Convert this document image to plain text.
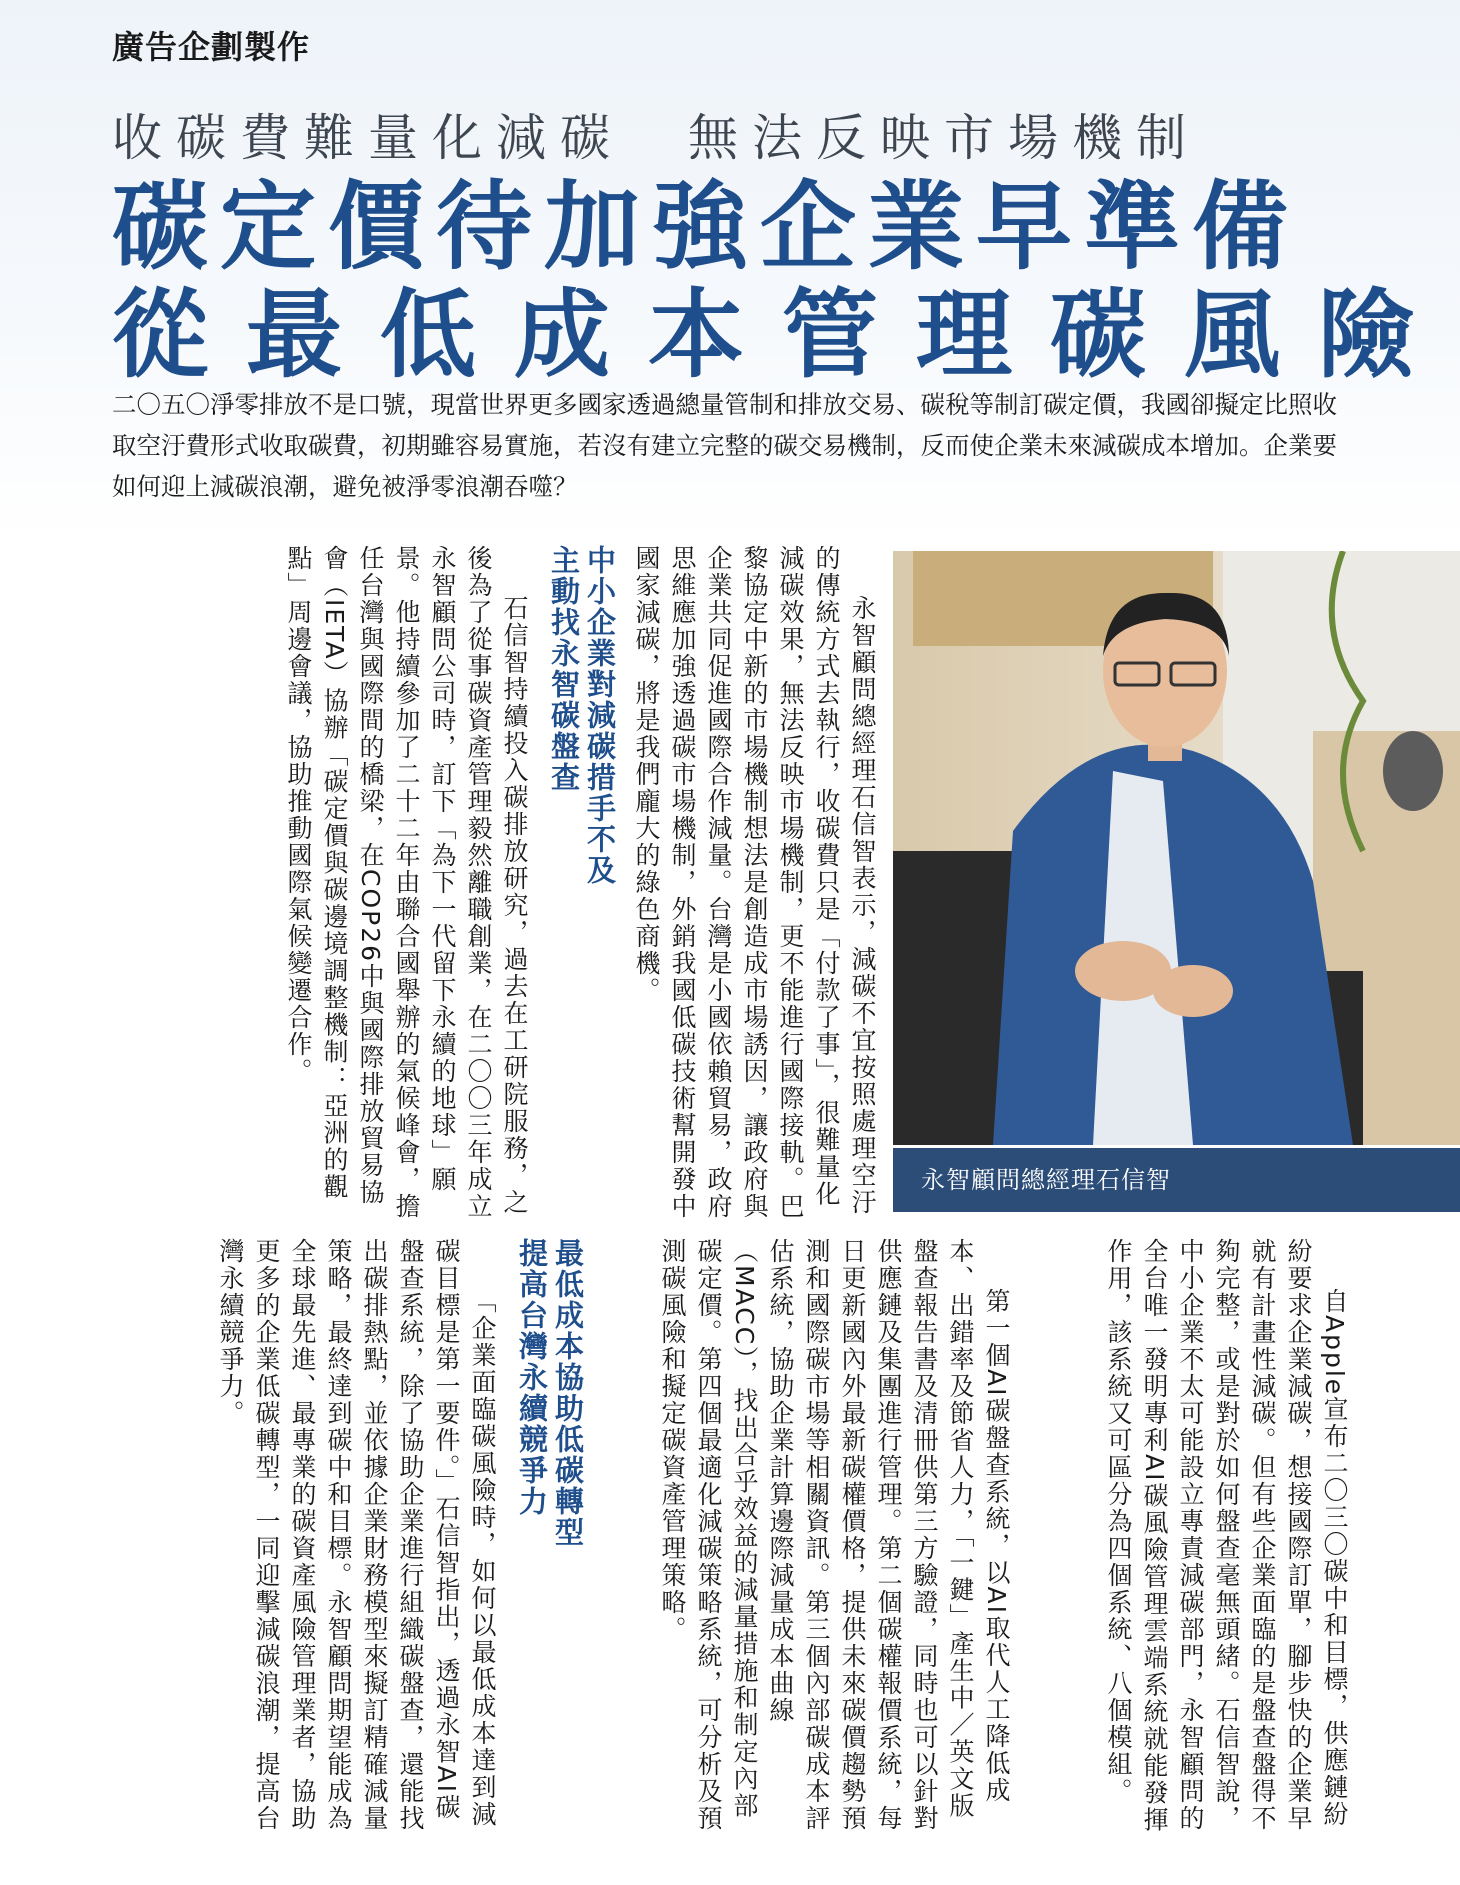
廣告企劃製作
收碳費難量化減碳　無法反映市場機制
碳定價待加強企業早準備
從最低成本管理碳風險
二〇五〇淨零排放不是口號，現當世界更多國家透過總量管制和排放交易、碳稅等制訂碳定價，我國卻擬定比照收取空汙費形式收取碳費，初期雖容易實施，若沒有建立完整的碳交易機制，反而使企業未來減碳成本增加。企業要如何迎上減碳浪潮，避免被淨零浪潮吞噬？

永智顧問總經理石信智表示，減碳不宜按照處理空汙的傳統方式去執行，收碳費只是「付款了事」，很難量化減碳效果，無法反映市場機制，更不能進行國際接軌。巴黎協定中新的市場機制想法是創造成市場誘因，讓政府與企業共同促進國際合作減量。台灣是小國依賴貿易，政府思維應加強透過碳市場機制，外銷我國低碳技術幫開發中國家減碳，將是我們龐大的綠色商機。

中小企業對減碳措手不及
主動找永智碳盤查

石信智持續投入碳排放研究，過去在工研院服務，之後為了從事碳資產管理毅然離職創業，在二〇〇三年成立永智顧問公司時，訂下「為下一代留下永續的地球」願景。他持續參加了二十二年由聯合國舉辦的氣候峰會，擔任台灣與國際間的橋梁，在COP26中與國際排放貿易協會（IETA）協辦「碳定價與碳邊境調整機制：亞洲的觀點」周邊會議，協助推動國際氣候變遷合作。

永智顧問總經理石信智

自Apple宣布二〇三〇碳中和目標，供應鏈紛紛要求企業減碳，想接國際訂單，腳步快的企業早就有計畫性減碳。但有些企業面臨的是盤查盤得不夠完整，或是對於如何盤查毫無頭緒。石信智說，中小企業不太可能設立專責減碳部門，永智顧問的全台唯一發明專利AI碳風險管理雲端系統就能發揮作用，該系統又可區分為四個系統、八個模組。

第一個AI碳盤查系統，以AI取代人工降低成本、出錯率及節省人力，「一鍵」產生中／英文版盤查報告書及清冊供第三方驗證，同時也可以針對供應鏈及集團進行管理。第二個碳權報價系統，每日更新國內外最新碳權價格，提供未來碳價趨勢預測和國際碳市場等相關資訊。第三個內部碳成本評估系統，協助企業計算邊際減量成本曲線（MACC），找出合乎效益的減量措施和制定內部碳定價。第四個最適化減碳策略系統，可分析及預測碳風險和擬定碳資產管理策略。

最低成本協助低碳轉型
提高台灣永續競爭力

「企業面臨碳風險時，如何以最低成本達到減碳目標是第一要件。」石信智指出，透過永智AI碳盤查系統，除了協助企業進行組織碳盤查，還能找出碳排熱點，並依據企業財務模型來擬訂精確減量策略，最終達到碳中和目標。永智顧問期望能成為全球最先進、最專業的碳資產風險管理業者，協助更多的企業低碳轉型，一同迎擊減碳浪潮，提高台灣永續競爭力。
